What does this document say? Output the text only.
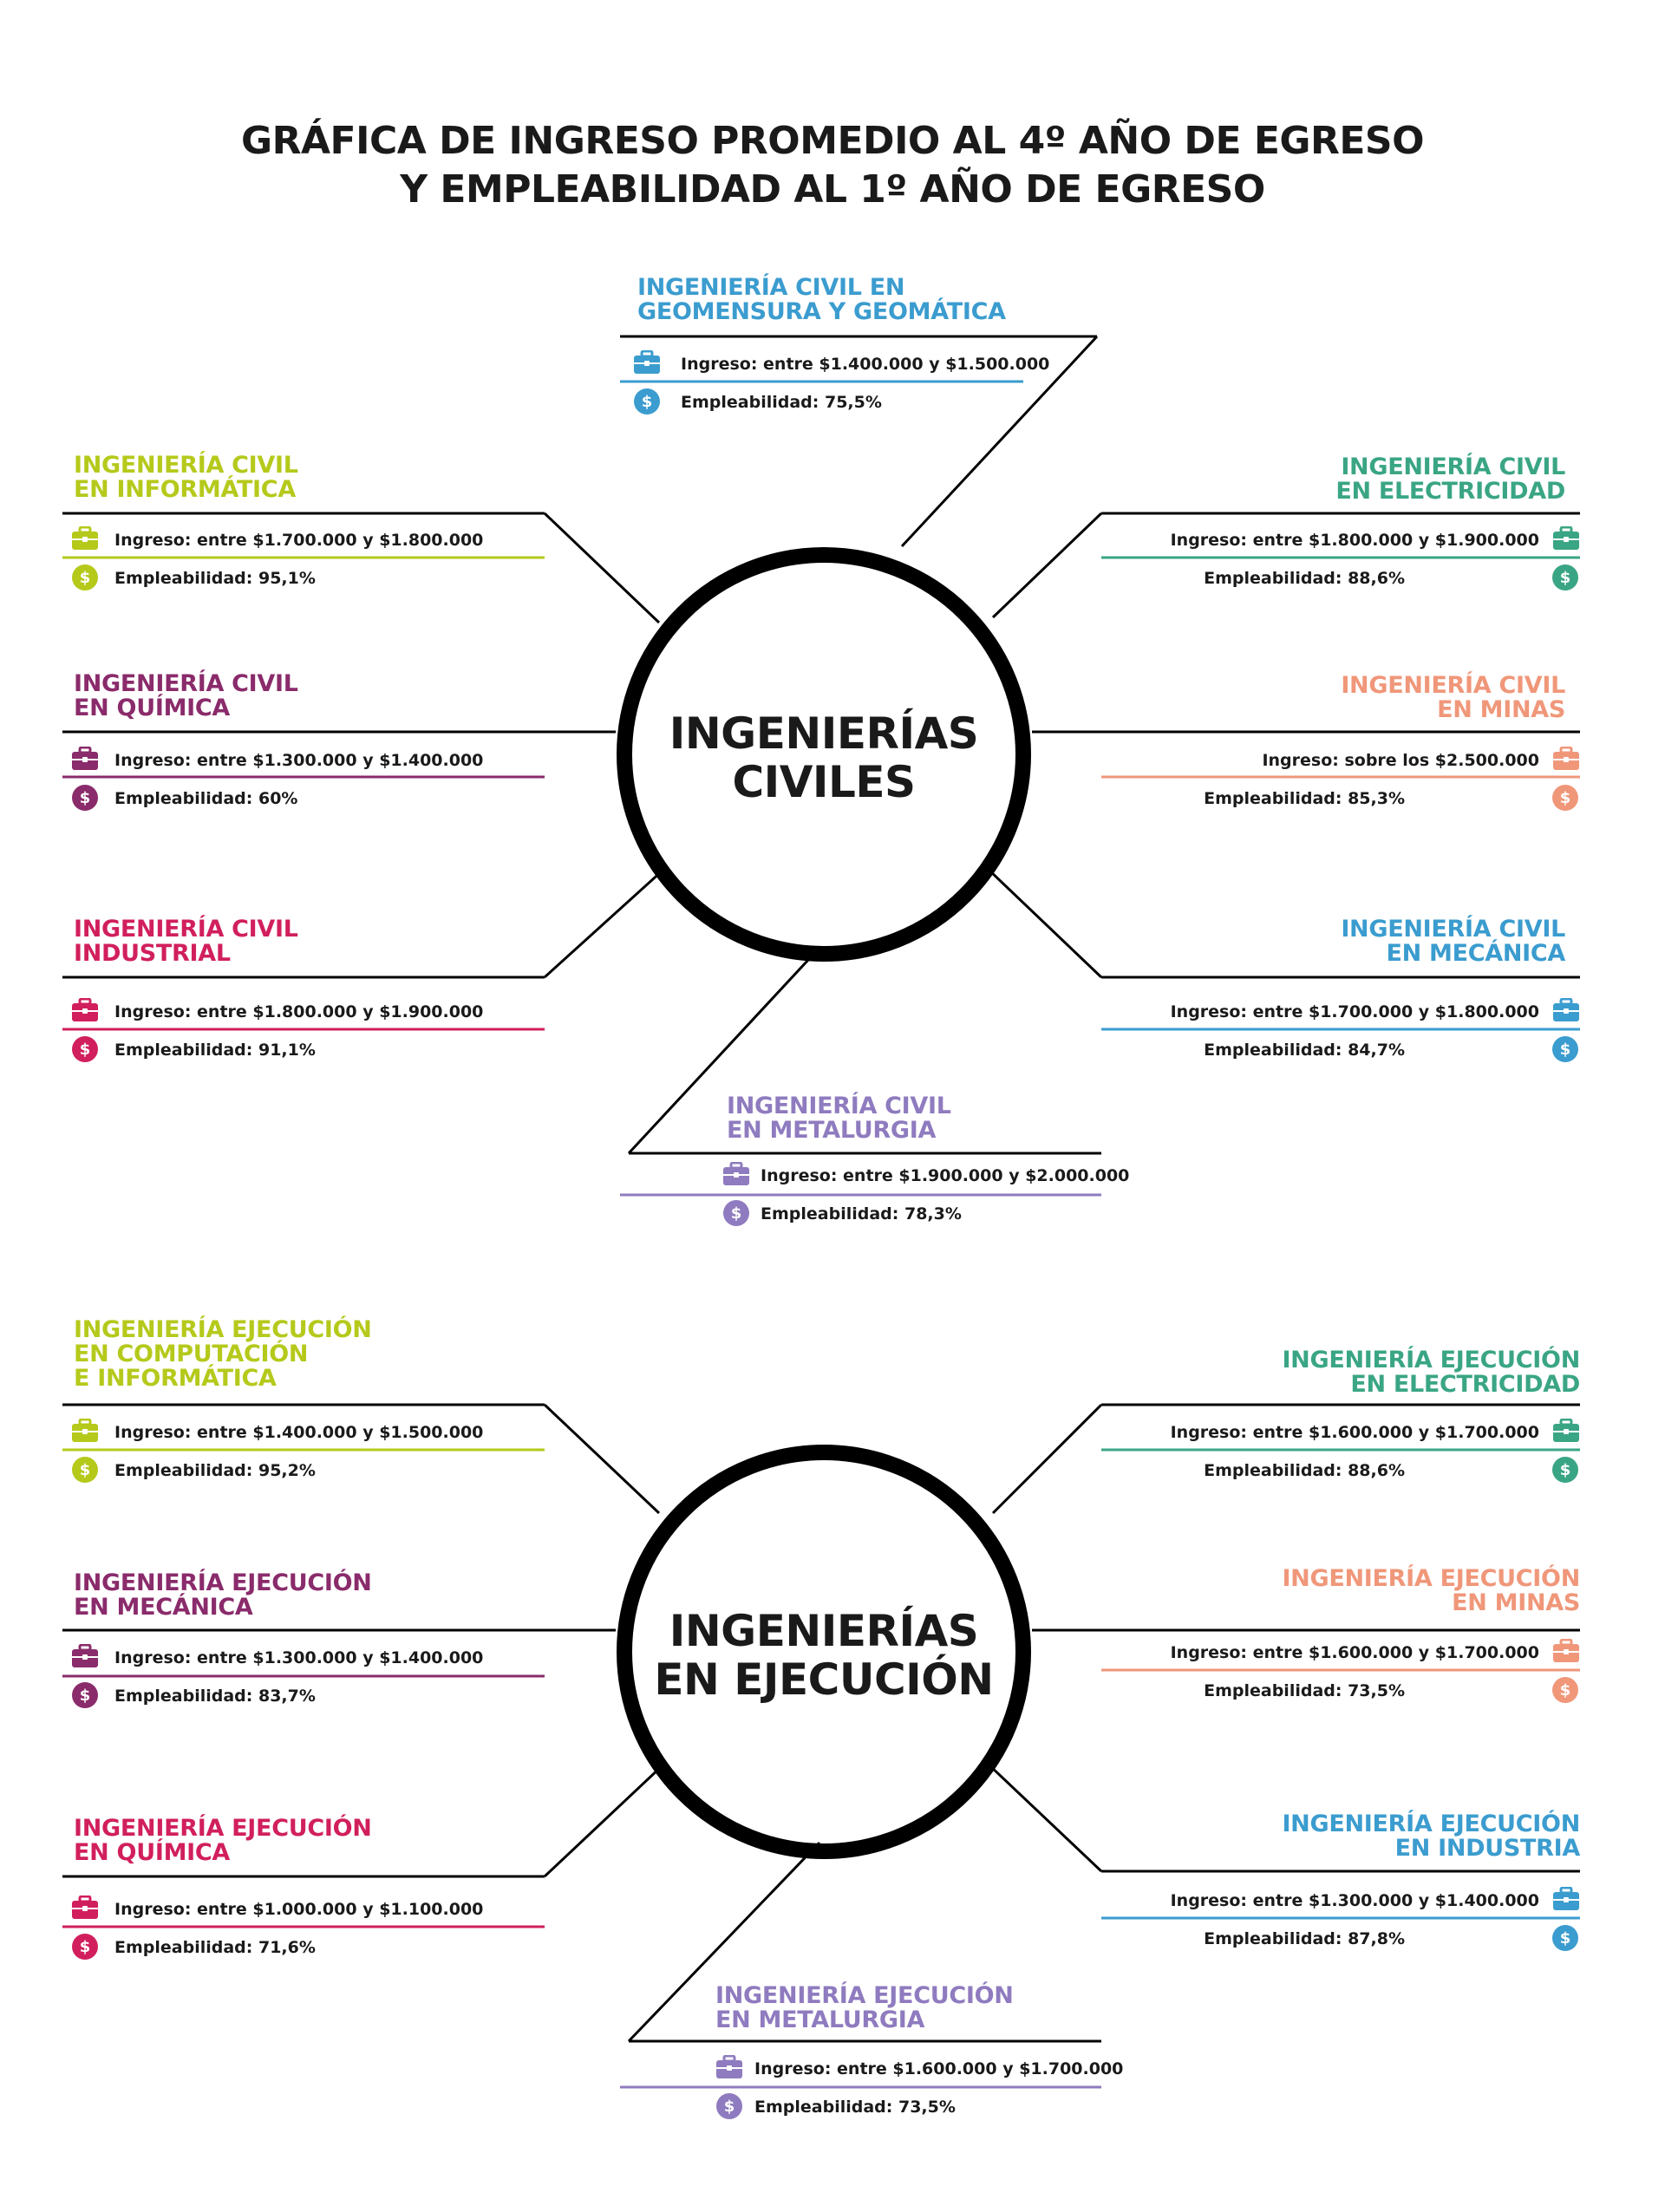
GRÁFICA DE INGRESO PROMEDIO AL 4º AÑO DE EGRESO
Y EMPLEABILIDAD AL 1º AÑO DE EGRESO
INGENIERÍAS
CIVILES
INGENIERÍAS
EN EJECUCIÓN
INGENIERÍA CIVIL EN
GEOMENSURA Y GEOMÁTICA
Ingreso: entre $1.400.000 y $1.500.000
Empleabilidad: 75,5%
$
INGENIERÍA CIVIL
EN INFORMÁTICA
Ingreso: entre $1.700.000 y $1.800.000
Empleabilidad: 95,1%
$
INGENIERÍA CIVIL
EN QUÍMICA
Ingreso: entre $1.300.000 y $1.400.000
Empleabilidad: 60%
$
INGENIERÍA CIVIL
INDUSTRIAL
Ingreso: entre $1.800.000 y $1.900.000
Empleabilidad: 91,1%
$
INGENIERÍA CIVIL
EN ELECTRICIDAD
Ingreso: entre $1.800.000 y $1.900.000
Empleabilidad: 88,6%	$
INGENIERÍA CIVIL
EN MINAS
Ingreso: sobre los $2.500.000
Empleabilidad: 85,3%	$
INGENIERÍA CIVIL
EN MECÁNICA
Ingreso: entre $1.700.000 y $1.800.000
Empleabilidad: 84,7%	$
INGENIERÍA CIVIL
EN METALURGIA
Ingreso: entre $1.900.000 y $2.000.000
Empleabilidad: 78,3%
$
INGENIERÍA EJECUCIÓN
EN COMPUTACIÓN
E INFORMÁTICA
Ingreso: entre $1.400.000 y $1.500.000
Empleabilidad: 95,2%
$
INGENIERÍA EJECUCIÓN
EN MECÁNICA
Ingreso: entre $1.300.000 y $1.400.000
Empleabilidad: 83,7%
$
INGENIERÍA EJECUCIÓN
EN QUÍMICA
Ingreso: entre $1.000.000 y $1.100.000
Empleabilidad: 71,6%
$
INGENIERÍA EJECUCIÓN
EN ELECTRICIDAD
Ingreso: entre $1.600.000 y $1.700.000
Empleabilidad: 88,6%	$
INGENIERÍA EJECUCIÓN
EN MINAS
Ingreso: entre $1.600.000 y $1.700.000
Empleabilidad: 73,5%	$
INGENIERÍA EJECUCIÓN
EN INDUSTRIA
Ingreso: entre $1.300.000 y $1.400.000
Empleabilidad: 87,8%	$
INGENIERÍA EJECUCIÓN
EN METALURGIA
Ingreso: entre $1.600.000 y $1.700.000
Empleabilidad: 73,5%
$
